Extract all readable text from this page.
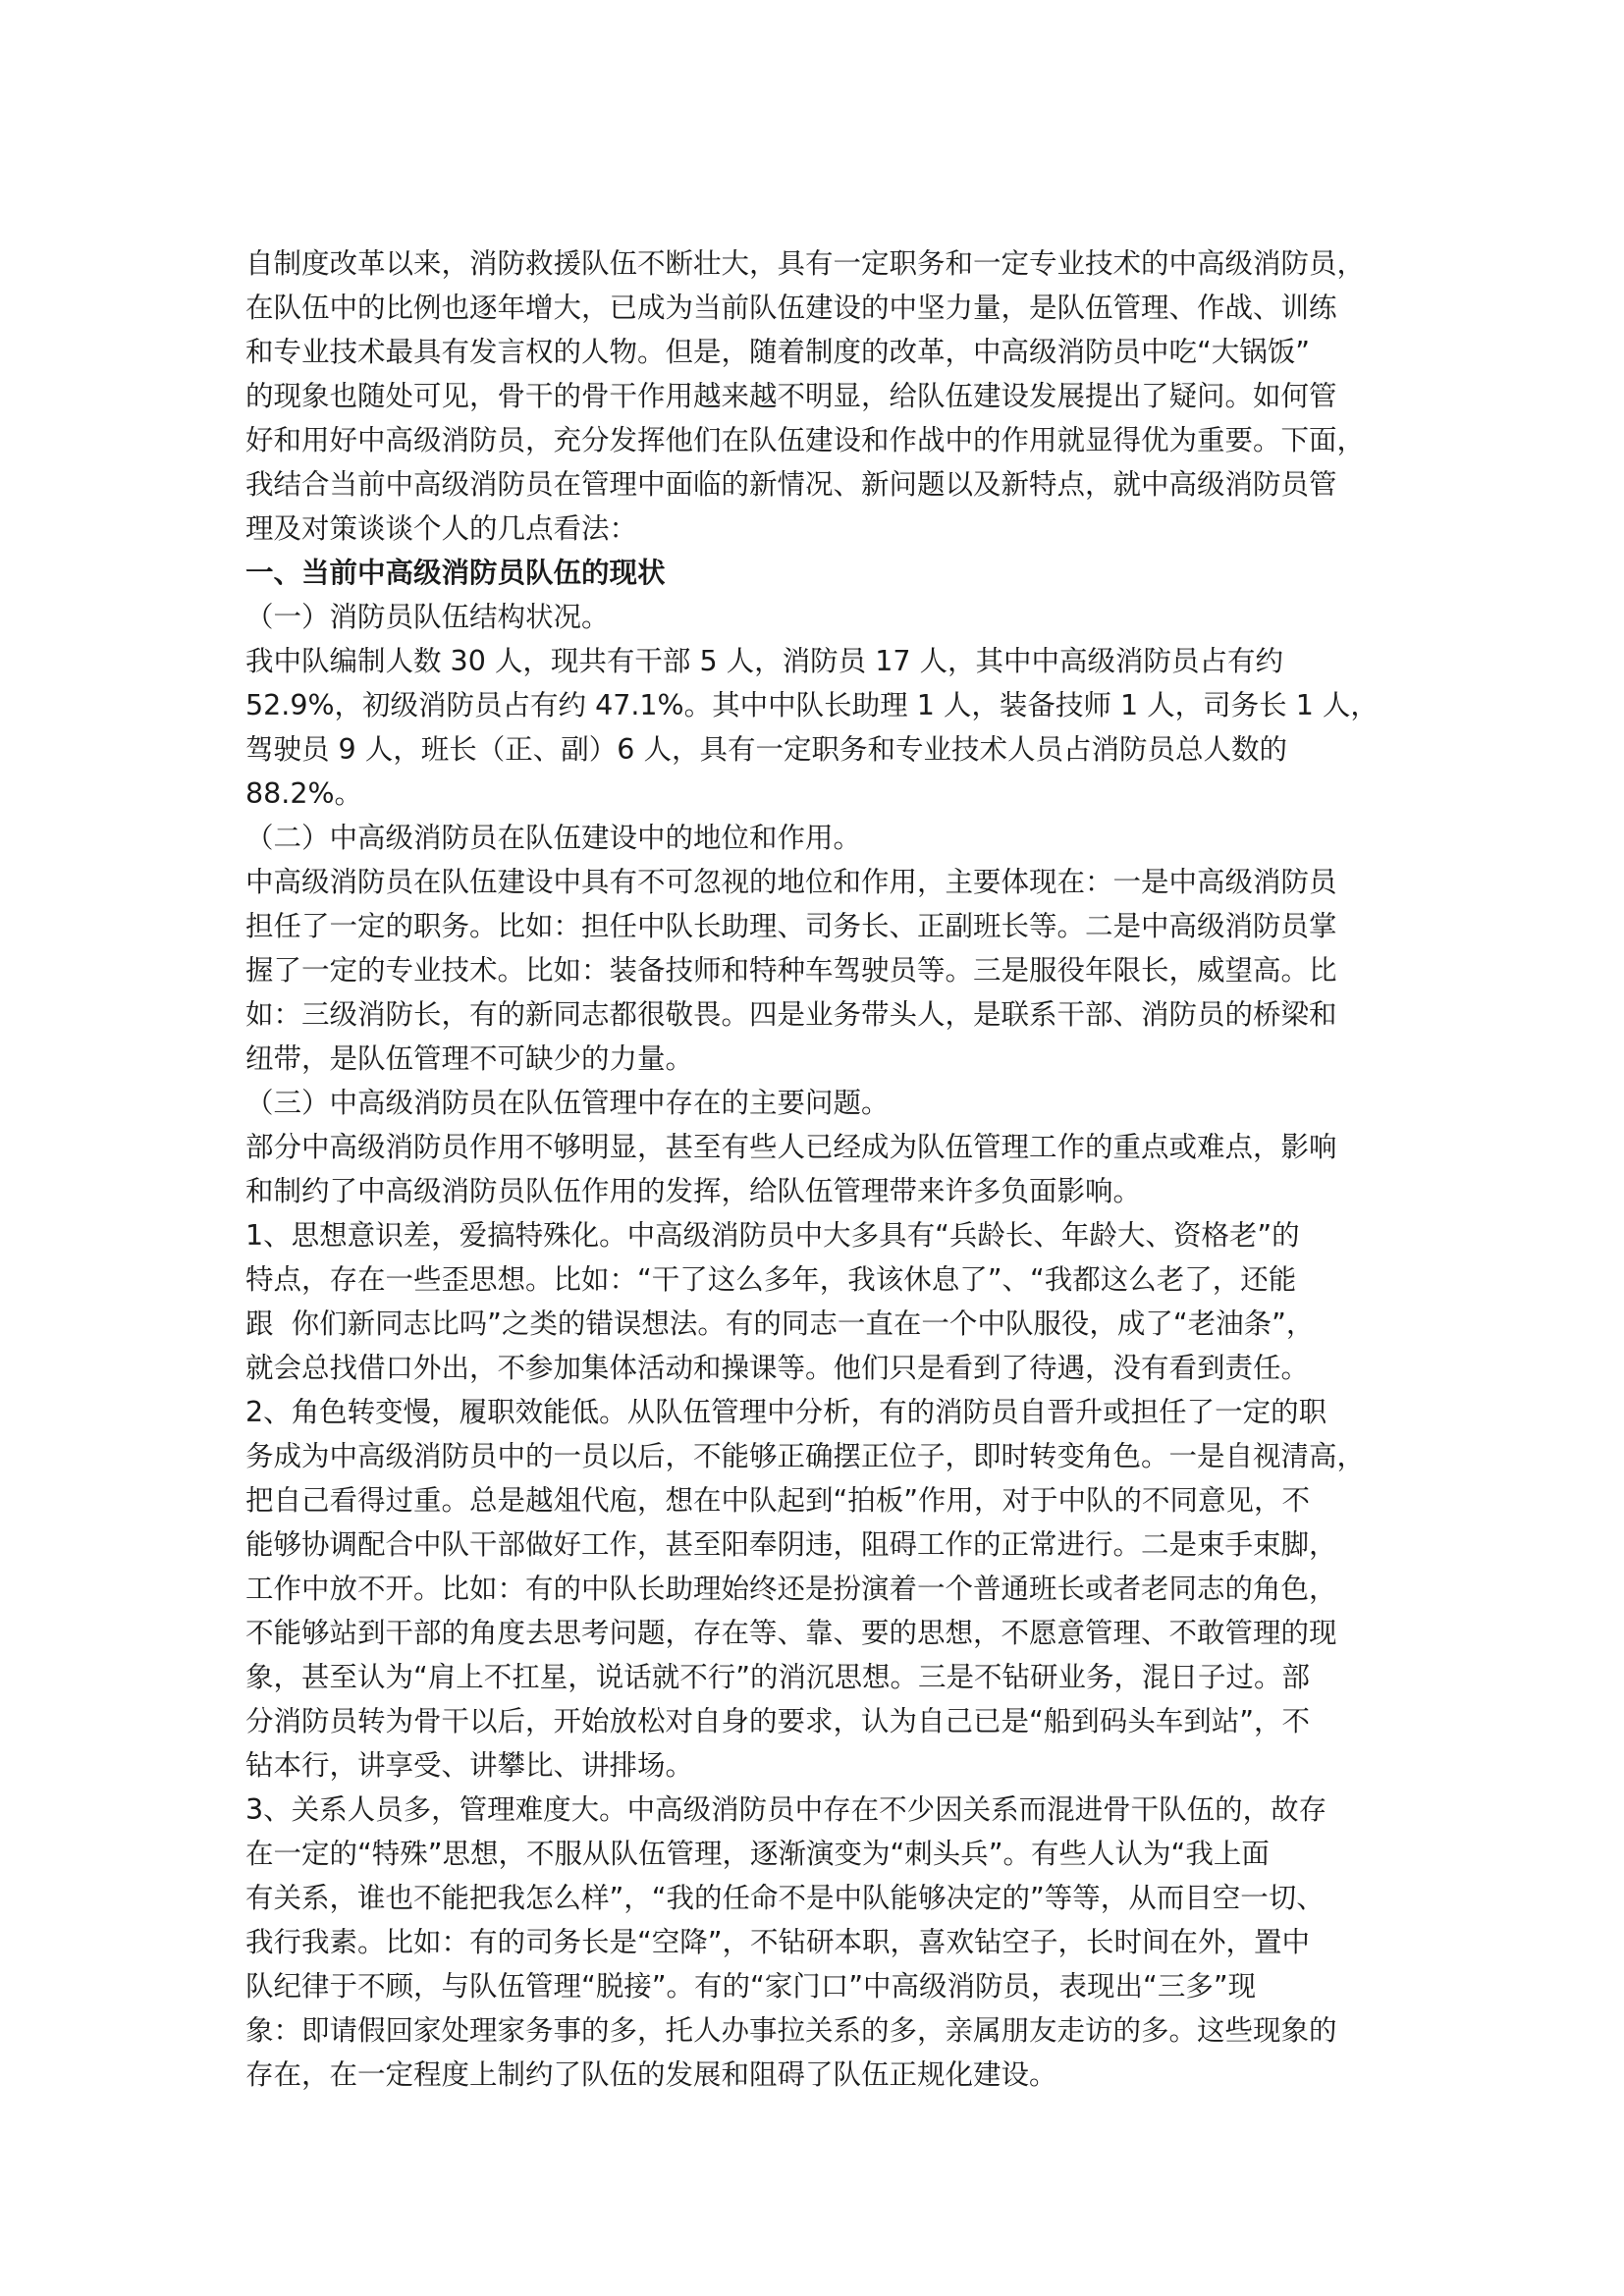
自制度改革以来，消防救援队伍不断壮大，具有一定职务和一定专业技术的中高级消防员，
在队伍中的比例也逐年增大，已成为当前队伍建设的中坚力量，是队伍管理、作战、训练
和专业技术最具有发言权的人物。但是，随着制度的改革，中高级消防员中吃“大锅饭”
的现象也随处可见，骨干的骨干作用越来越不明显，给队伍建设发展提出了疑问。如何管
好和用好中高级消防员，充分发挥他们在队伍建设和作战中的作用就显得优为重要。下面，
我结合当前中高级消防员在管理中面临的新情况、新问题以及新特点，就中高级消防员管
理及对策谈谈个人的几点看法：
一、当前中高级消防员队伍的现状
（一）消防员队伍结构状况。
我中队编制人数 30 人，现共有干部 5 人，消防员 17 人，其中中高级消防员占有约
52.9%，初级消防员占有约 47.1%。其中中队长助理 1 人，装备技师 1 人，司务长 1 人，
驾驶员 9 人，班长（正、副）6 人，具有一定职务和专业技术人员占消防员总人数的
88.2%。
（二）中高级消防员在队伍建设中的地位和作用。
中高级消防员在队伍建设中具有不可忽视的地位和作用，主要体现在：一是中高级消防员
担任了一定的职务。比如：担任中队长助理、司务长、正副班长等。二是中高级消防员掌
握了一定的专业技术。比如：装备技师和特种车驾驶员等。三是服役年限长，威望高。比
如：三级消防长，有的新同志都很敬畏。四是业务带头人，是联系干部、消防员的桥梁和
纽带，是队伍管理不可缺少的力量。
（三）中高级消防员在队伍管理中存在的主要问题。
部分中高级消防员作用不够明显，甚至有些人已经成为队伍管理工作的重点或难点，影响
和制约了中高级消防员队伍作用的发挥，给队伍管理带来许多负面影响。
1、思想意识差，爱搞特殊化。中高级消防员中大多具有“兵龄长、年龄大、资格老”的
特点，存在一些歪思想。比如：“干了这么多年，我该休息了”、“我都这么老了，还能
跟  你们新同志比吗”之类的错误想法。有的同志一直在一个中队服役，成了“老油条”，
就会总找借口外出，不参加集体活动和操课等。他们只是看到了待遇，没有看到责任。
2、角色转变慢，履职效能低。从队伍管理中分析，有的消防员自晋升或担任了一定的职
务成为中高级消防员中的一员以后，不能够正确摆正位子，即时转变角色。一是自视清高，
把自己看得过重。总是越俎代庖，想在中队起到“拍板”作用，对于中队的不同意见，不
能够协调配合中队干部做好工作，甚至阳奉阴违，阻碍工作的正常进行。二是束手束脚，
工作中放不开。比如：有的中队长助理始终还是扮演着一个普通班长或者老同志的角色，
不能够站到干部的角度去思考问题，存在等、靠、要的思想，不愿意管理、不敢管理的现
象，甚至认为“肩上不扛星，说话就不行”的消沉思想。三是不钻研业务，混日子过。部
分消防员转为骨干以后，开始放松对自身的要求，认为自己已是“船到码头车到站”，不
钻本行，讲享受、讲攀比、讲排场。
3、关系人员多，管理难度大。中高级消防员中存在不少因关系而混进骨干队伍的，故存
在一定的“特殊”思想，不服从队伍管理，逐渐演变为“刺头兵”。有些人认为“我上面
有关系，谁也不能把我怎么样”，“我的任命不是中队能够决定的”等等，从而目空一切、
我行我素。比如：有的司务长是“空降”，不钻研本职，喜欢钻空子，长时间在外，置中
队纪律于不顾，与队伍管理“脱接”。有的“家门口”中高级消防员，表现出“三多”现
象：即请假回家处理家务事的多，托人办事拉关系的多，亲属朋友走访的多。这些现象的
存在，在一定程度上制约了队伍的发展和阻碍了队伍正规化建设。
